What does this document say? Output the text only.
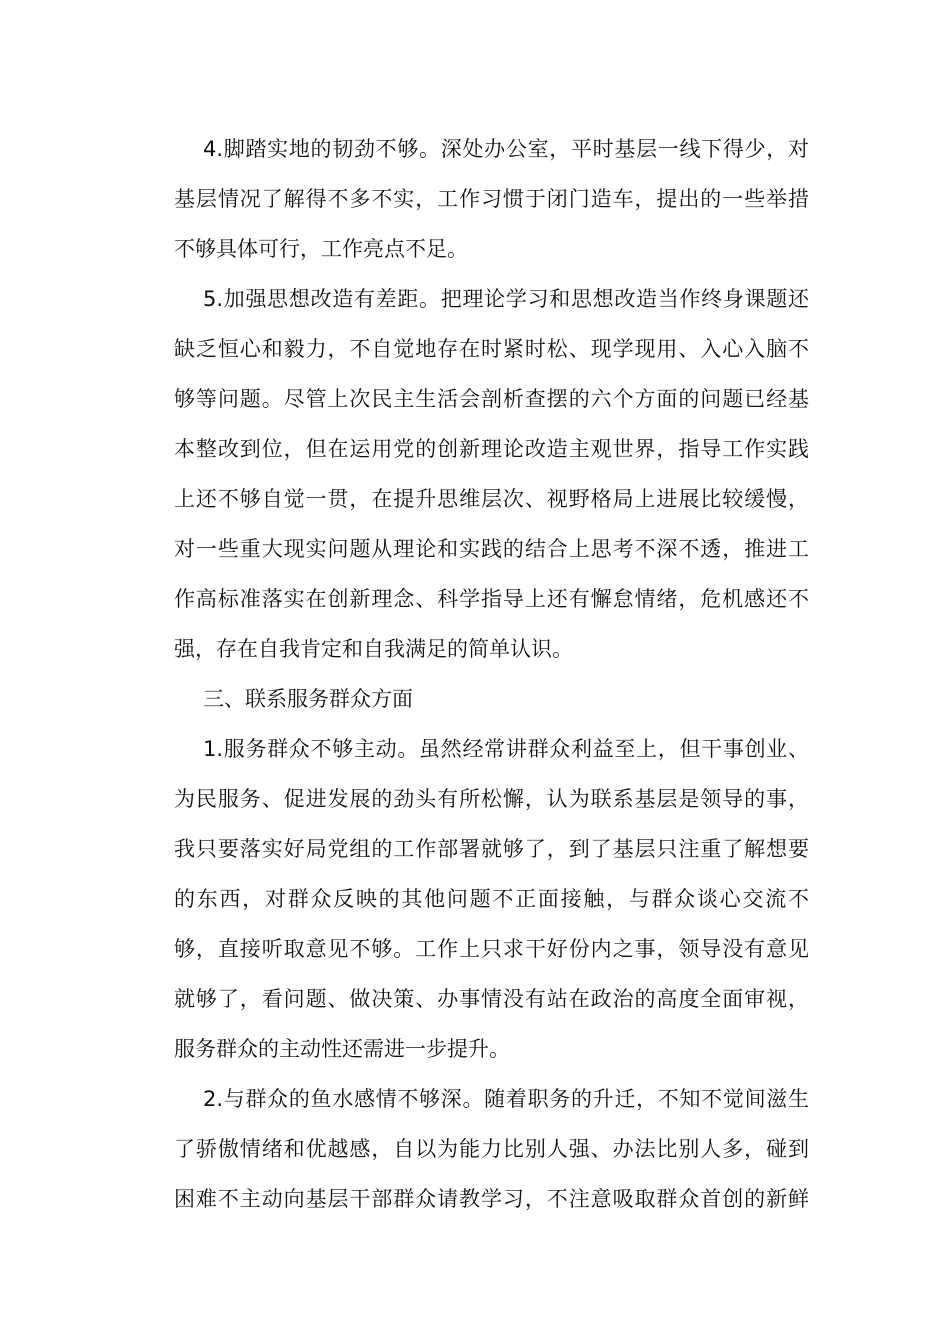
4.脚踏实地的韧劲不够。深处办公室，平时基层一线下得少，对
基层情况了解得不多不实，工作习惯于闭门造车，提出的一些举措
不够具体可行，工作亮点不足。
5.加强思想改造有差距。把理论学习和思想改造当作终身课题还
缺乏恒心和毅力，不自觉地存在时紧时松、现学现用、入心入脑不
够等问题。尽管上次民主生活会剖析查摆的六个方面的问题已经基
本整改到位，但在运用党的创新理论改造主观世界，指导工作实践
上还不够自觉一贯，在提升思维层次、视野格局上进展比较缓慢，
对一些重大现实问题从理论和实践的结合上思考不深不透，推进工
作高标准落实在创新理念、科学指导上还有懈怠情绪，危机感还不
强，存在自我肯定和自我满足的简单认识。
三、联系服务群众方面
1.服务群众不够主动。虽然经常讲群众利益至上，但干事创业、
为民服务、促进发展的劲头有所松懈，认为联系基层是领导的事，
我只要落实好局党组的工作部署就够了，到了基层只注重了解想要
的东西，对群众反映的其他问题不正面接触，与群众谈心交流不
够，直接听取意见不够。工作上只求干好份内之事，领导没有意见
就够了，看问题、做决策、办事情没有站在政治的高度全面审视，
服务群众的主动性还需进一步提升。
2.与群众的鱼水感情不够深。随着职务的升迁，不知不觉间滋生
了骄傲情绪和优越感，自以为能力比别人强、办法比别人多，碰到
困难不主动向基层干部群众请教学习，不注意吸取群众首创的新鲜
